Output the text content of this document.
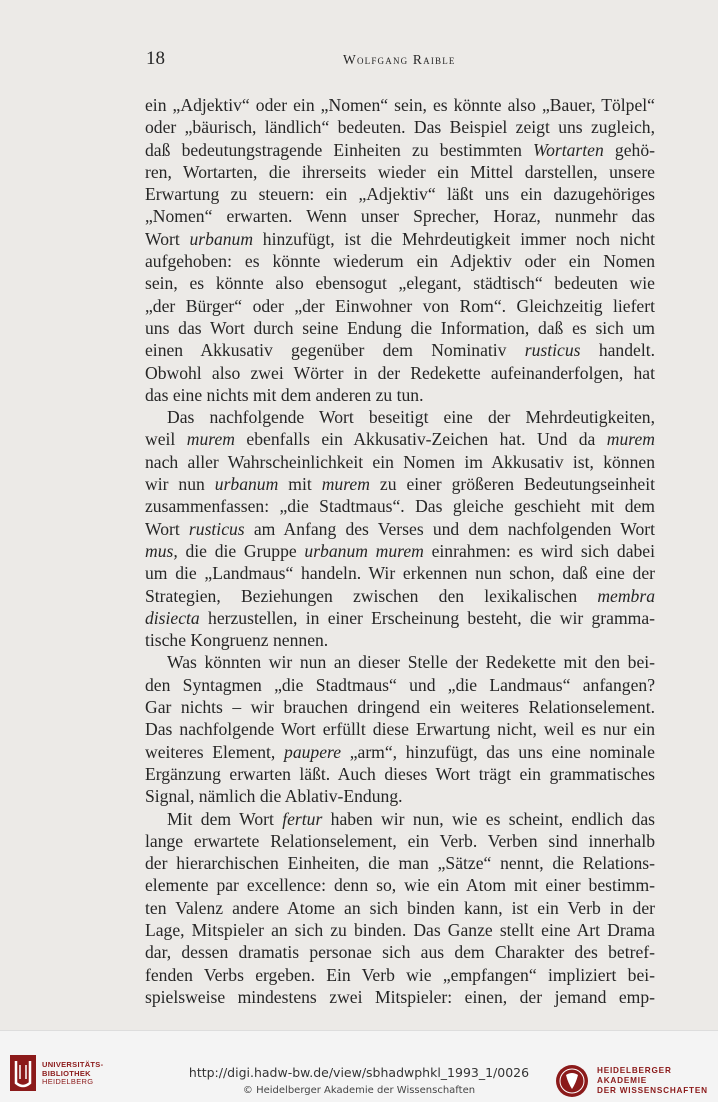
18	Wolfgang Raible
ein „Adjektiv“ oder ein „Nomen“ sein, es könnte also „Bauer, Tölpel“
oder „bäurisch, ländlich“ bedeuten. Das Beispiel zeigt uns zugleich,
daß bedeutungstragende Einheiten zu bestimmten Wortarten gehö-
ren, Wortarten, die ihrerseits wieder ein Mittel darstellen, unsere
Erwartung zu steuern: ein „Adjektiv“ läßt uns ein dazugehöriges
„Nomen“ erwarten. Wenn unser Sprecher, Horaz, nunmehr das
Wort urbanum hinzufügt, ist die Mehrdeutigkeit immer noch nicht
aufgehoben: es könnte wiederum ein Adjektiv oder ein Nomen
sein, es könnte also ebensogut „elegant, städtisch“ bedeuten wie
„der Bürger“ oder „der Einwohner von Rom“. Gleichzeitig liefert
uns das Wort durch seine Endung die Information, daß es sich um
einen Akkusativ gegenüber dem Nominativ rusticus handelt.
Obwohl also zwei Wörter in der Redekette aufeinanderfolgen, hat
das eine nichts mit dem anderen zu tun.
Das nachfolgende Wort beseitigt eine der Mehrdeutigkeiten,
weil murem ebenfalls ein Akkusativ-Zeichen hat. Und da murem
nach aller Wahrscheinlichkeit ein Nomen im Akkusativ ist, können
wir nun urbanum mit murem zu einer größeren Bedeutungseinheit
zusammenfassen: „die Stadtmaus“. Das gleiche geschieht mit dem
Wort rusticus am Anfang des Verses und dem nachfolgenden Wort
mus, die die Gruppe urbanum murem einrahmen: es wird sich dabei
um die „Landmaus“ handeln. Wir erkennen nun schon, daß eine der
Strategien, Beziehungen zwischen den lexikalischen membra
disiecta herzustellen, in einer Erscheinung besteht, die wir gramma-
tische Kongruenz nennen.
Was könnten wir nun an dieser Stelle der Redekette mit den bei-
den Syntagmen „die Stadtmaus“ und „die Landmaus“ anfangen?
Gar nichts – wir brauchen dringend ein weiteres Relationselement.
Das nachfolgende Wort erfüllt diese Erwartung nicht, weil es nur ein
weiteres Element, paupere „arm“, hinzufügt, das uns eine nominale
Ergänzung erwarten läßt. Auch dieses Wort trägt ein grammatisches
Signal, nämlich die Ablativ-Endung.
Mit dem Wort fertur haben wir nun, wie es scheint, endlich das
lange erwartete Relationselement, ein Verb. Verben sind innerhalb
der hierarchischen Einheiten, die man „Sätze“ nennt, die Relations-
elemente par excellence: denn so, wie ein Atom mit einer bestimm-
ten Valenz andere Atome an sich binden kann, ist ein Verb in der
Lage, Mitspieler an sich zu binden. Das Ganze stellt eine Art Drama
dar, dessen dramatis personae sich aus dem Charakter des betref-
fenden Verbs ergeben. Ein Verb wie „empfangen“ impliziert bei-
spielsweise mindestens zwei Mitspieler: einen, der jemand emp-
UNIVERSITÄTS-
BIBLIOTHEK
HEIDELBERG
http://digi.hadw-bw.de/view/sbhadwphkl_1993_1/0026
© Heidelberger Akademie der Wissenschaften
HEIDELBERGER AKADEMIE
DER WISSENSCHAFTEN
